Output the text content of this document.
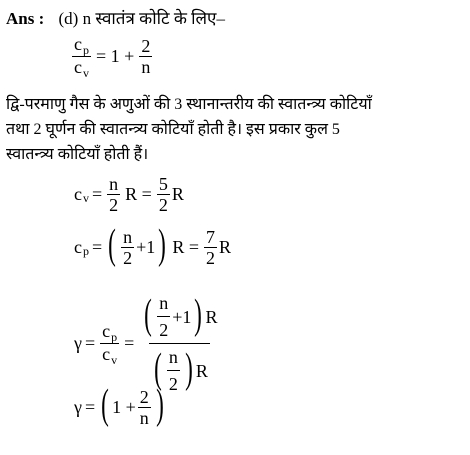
Ans : (d) n स्वातंत्र कोटि के लिए–
$\frac{c_p}{c_v} = 1 + \frac{2}{n}$
द्वि-परमाणु गैस के अणुओं की 3 स्थानान्तरीय की स्वातन्त्र्य कोटियाँ
तथा 2 घूर्णन की स्वातन्त्र्य कोटियाँ होती है। इस प्रकार कुल 5
स्वातन्त्र्य कोटियाँ होती हैं।
c $v = \frac{n}{2}$ $R = \frac{5}{2}$ R
c p = ( $\frac{n}{2} +1$ ) $R = \frac{7}{2}$ R
$\gamma = \frac{c_p}{c_v} = \frac{( \frac{n}{2} +1 ) R}{( \frac{n}{2} ) R}$
γ = ( $1 + \frac{2}{n}$ )
